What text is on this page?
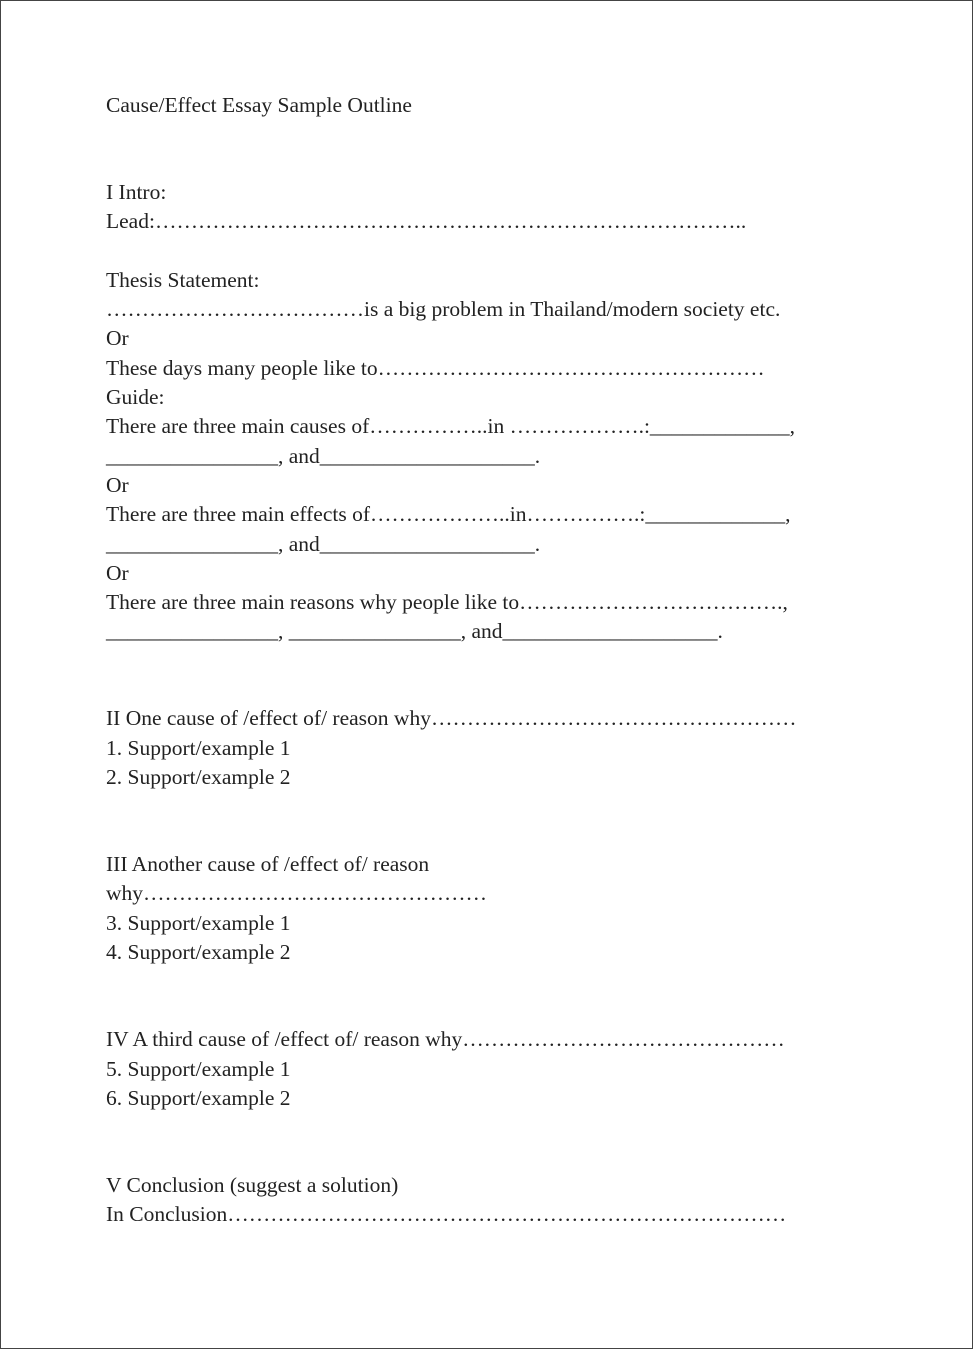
Cause/Effect Essay Sample Outline

I Intro:

Lead:………………………………………………………………………..

Thesis Statement:

………………………………is a big problem in Thailand/modern society etc.

Or

These days many people like to………………………………………………

Guide:

There are three main causes of……………..in ……………….:_____________,

________________, and____________________.

Or

There are three main effects of………………..in…………….:_____________,

________________, and____________________.

Or

There are three main reasons why people like to……………………………….,

________________, ________________, and____________________.

II One cause of /effect of/ reason why……………………………………………

1. Support/example 1

2. Support/example 2

III Another cause of /effect of/ reason

why…………………………………………

3. Support/example 1

4. Support/example 2

IV A third cause of /effect of/ reason why………………………………………

5. Support/example 1

6. Support/example 2

V Conclusion (suggest a solution)

In Conclusion……………………………………………………………………
